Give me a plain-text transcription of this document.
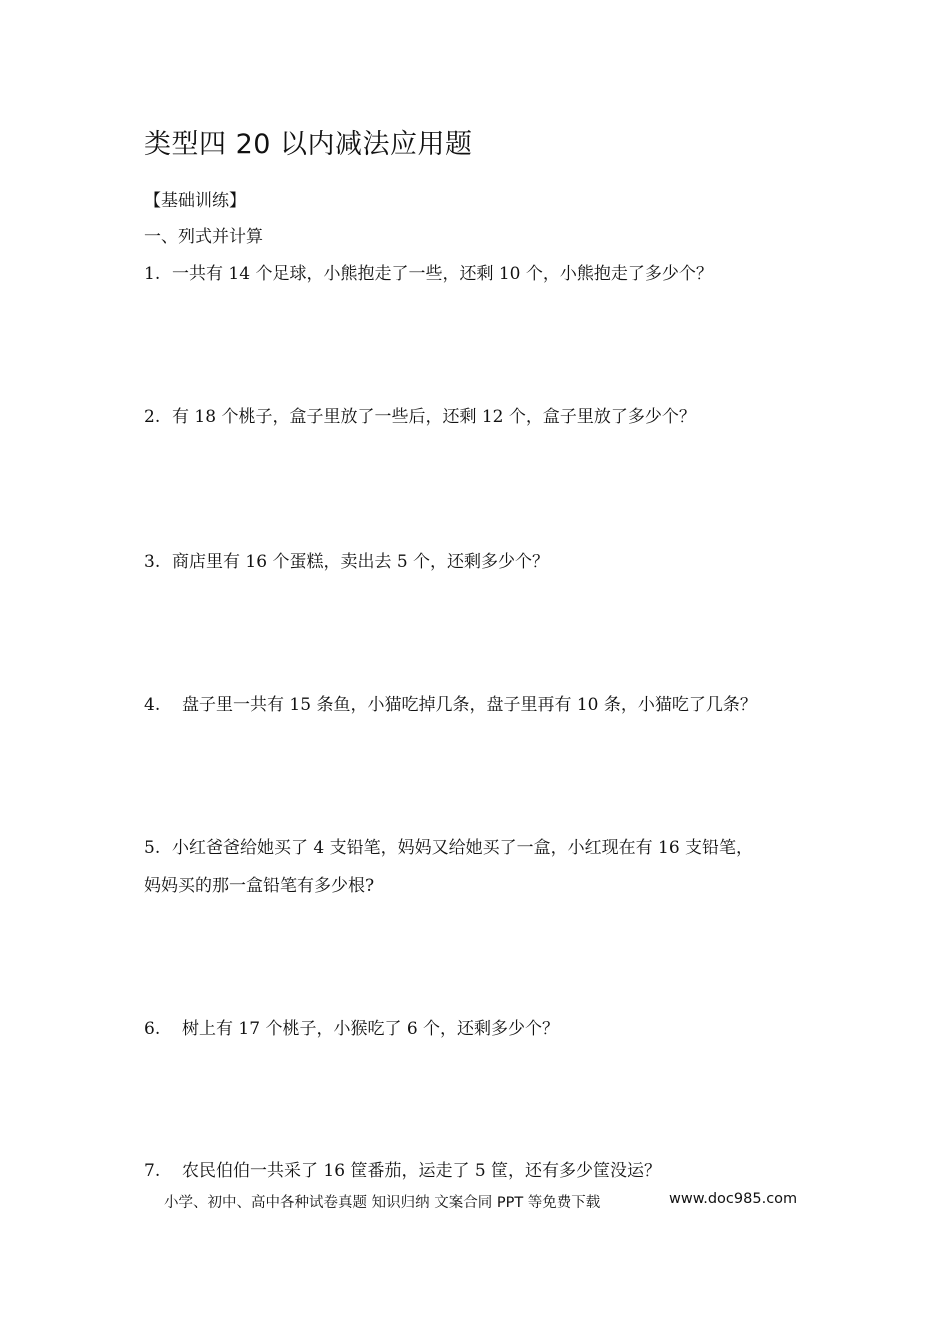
类型四 20 以内减法应用题
【基础训练】
一、列式并计算
1. 一共有 14 个足球，小熊抱走了一些，还剩 10 个，小熊抱走了多少个？
2. 有 18 个桃子，盒子里放了一些后，还剩 12 个，盒子里放了多少个？
3. 商店里有 16 个蛋糕，卖出去 5 个，还剩多少个？
4. 盘子里一共有 15 条鱼，小猫吃掉几条，盘子里再有 10 条，小猫吃了几条？
5. 小红爸爸给她买了 4 支铅笔，妈妈又给她买了一盒，小红现在有 16 支铅笔，
妈妈买的那一盒铅笔有多少根?
6. 树上有 17 个桃子，小猴吃了 6 个，还剩多少个？
7. 农民伯伯一共采了 16 筐番茄，运走了 5 筐，还有多少筐没运？
小学、初中、高中各种试卷真题 知识归纳 文案合同 PPT 等免费下载	www.doc985.com
